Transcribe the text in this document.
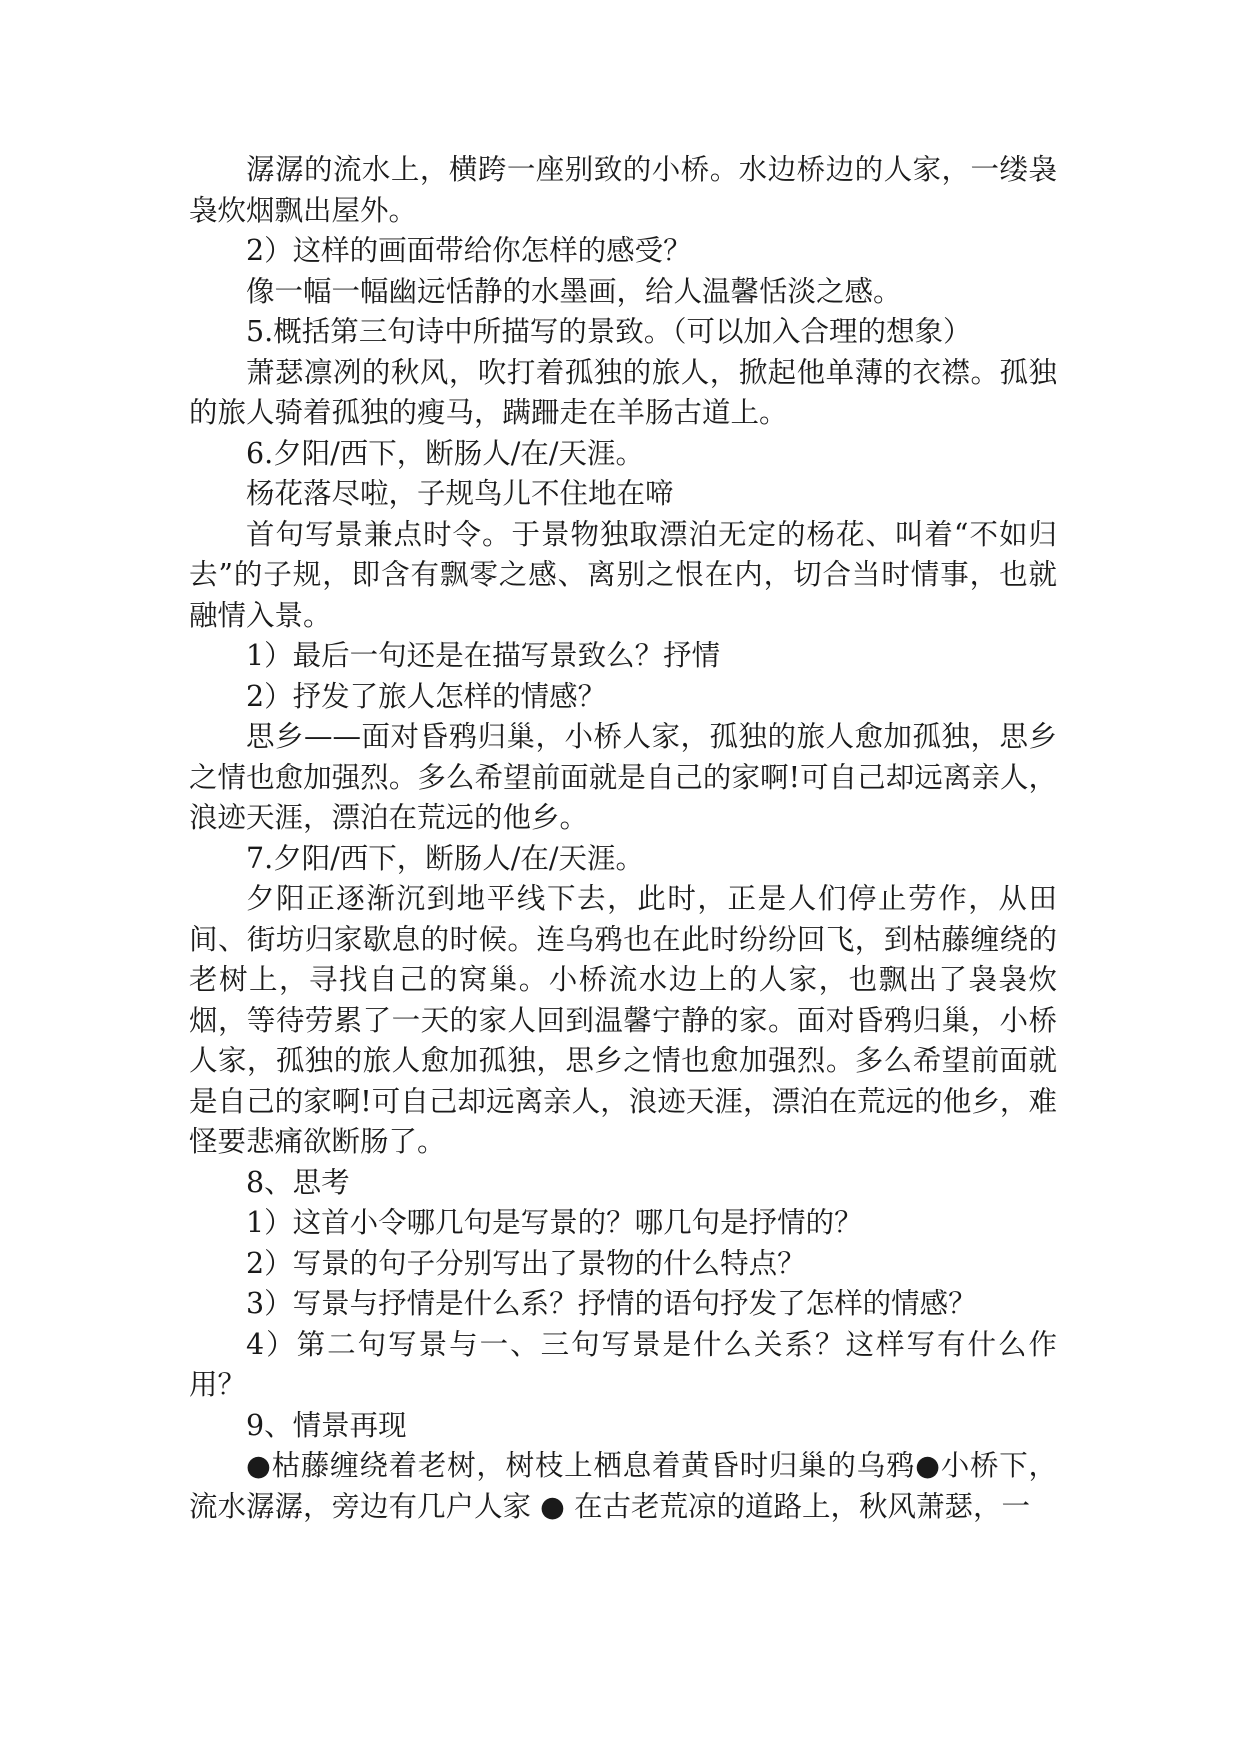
潺潺的流水上，横跨一座别致的小桥。水边桥边的人家，一缕袅袅炊烟飘出屋外。

2）这样的画面带给你怎样的感受？

像一幅一幅幽远恬静的水墨画，给人温馨恬淡之感。

5.概括第三句诗中所描写的景致。（可以加入合理的想象）

萧瑟凛冽的秋风，吹打着孤独的旅人，掀起他单薄的衣襟。孤独的旅人骑着孤独的瘦马，蹒跚走在羊肠古道上。

6.夕阳/西下，断肠人/在/天涯。

杨花落尽啦，子规鸟儿不住地在啼

首句写景兼点时令。于景物独取漂泊无定的杨花、叫着“不如归去”的子规，即含有飘零之感、离别之恨在内，切合当时情事，也就融情入景。

1）最后一句还是在描写景致么？抒情

2）抒发了旅人怎样的情感？

思乡——面对昏鸦归巢，小桥人家，孤独的旅人愈加孤独，思乡之情也愈加强烈。多么希望前面就是自己的家啊!可自己却远离亲人，浪迹天涯，漂泊在荒远的他乡。

7.夕阳/西下，断肠人/在/天涯。

夕阳正逐渐沉到地平线下去，此时，正是人们停止劳作，从田间、街坊归家歇息的时候。连乌鸦也在此时纷纷回飞，到枯藤缠绕的老树上，寻找自己的窝巢。小桥流水边上的人家，也飘出了袅袅炊烟，等待劳累了一天的家人回到温馨宁静的家。面对昏鸦归巢，小桥人家，孤独的旅人愈加孤独，思乡之情也愈加强烈。多么希望前面就是自己的家啊!可自己却远离亲人，浪迹天涯，漂泊在荒远的他乡，难怪要悲痛欲断肠了。

8、思考

1）这首小令哪几句是写景的？哪几句是抒情的？

2）写景的句子分别写出了景物的什么特点？

3）写景与抒情是什么系？抒情的语句抒发了怎样的情感？

4）第二句写景与一、三句写景是什么关系？这样写有什么作用？

9、情景再现

●枯藤缠绕着老树，树枝上栖息着黄昏时归巢的乌鸦●小桥下，流水潺潺，旁边有几户人家 ● 在古老荒凉的道路上，秋风萧瑟，一
